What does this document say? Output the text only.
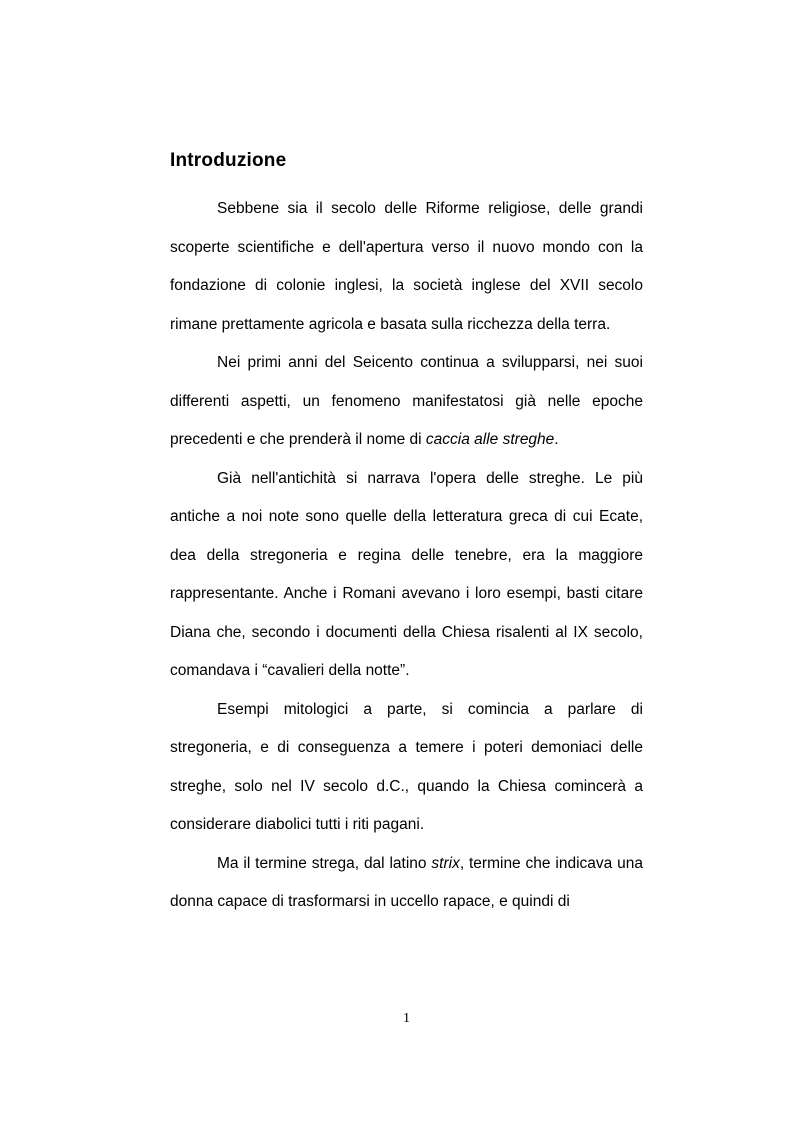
Introduzione

Sebbene sia il secolo delle Riforme religiose, delle grandi scoperte scientifiche e dell'apertura verso il nuovo mondo con la fondazione di colonie inglesi, la società inglese del XVII secolo rimane prettamente agricola e basata sulla ricchezza della terra.

Nei primi anni del Seicento continua a svilupparsi, nei suoi differenti aspetti, un fenomeno manifestatosi già nelle epoche precedenti e che prenderà il nome di caccia alle streghe.

Già nell'antichità si narrava l'opera delle streghe. Le più antiche a noi note sono quelle della letteratura greca di cui Ecate, dea della stregoneria e regina delle tenebre, era la maggiore rappresentante. Anche i Romani avevano i loro esempi, basti citare Diana che, secondo i documenti della Chiesa risalenti al IX secolo, comandava i “cavalieri della notte”.

Esempi mitologici a parte, si comincia a parlare di stregoneria, e di conseguenza a temere i poteri demoniaci delle streghe, solo nel IV secolo d.C., quando la Chiesa comincerà a considerare diabolici tutti i riti pagani.

Ma il termine strega, dal latino strix, termine che indicava una donna capace di trasformarsi in uccello rapace, e quindi di

1
